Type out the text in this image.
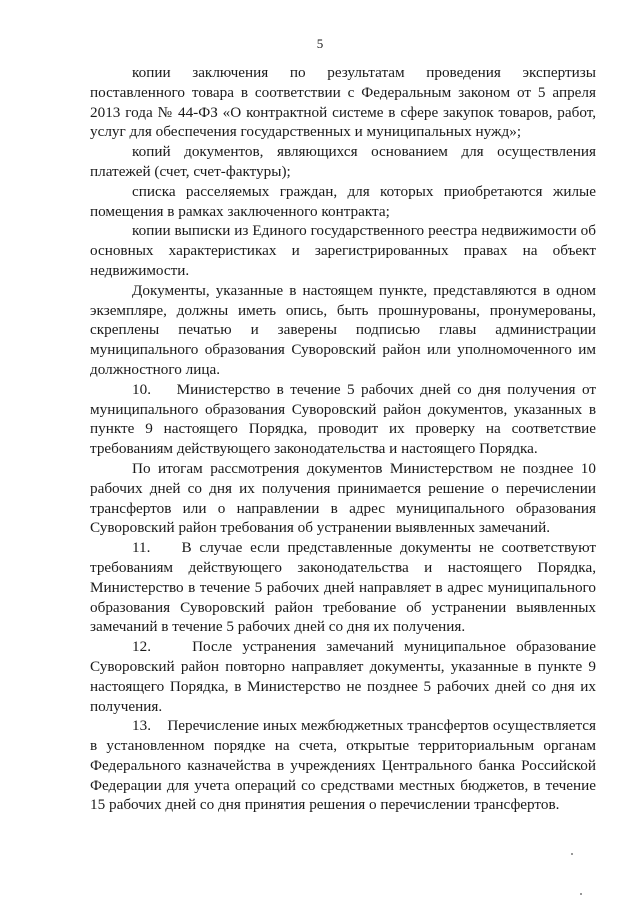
5

копии заключения по результатам проведения экспертизы поставленного товара в соответствии с Федеральным законом от 5 апреля 2013 года № 44-ФЗ «О контрактной системе в сфере закупок товаров, работ, услуг для обеспечения государственных и муниципальных нужд»;

копий документов, являющихся основанием для осуществления платежей (счет, счет-фактуры);

списка расселяемых граждан, для которых приобретаются жилые помещения в рамках заключенного контракта;

копии выписки из Единого государственного реестра недвижимости об основных характеристиках и зарегистрированных правах на объект недвижимости.

Документы, указанные в настоящем пункте, представляются в одном экземпляре, должны иметь опись, быть прошнурованы, пронумерованы, скреплены печатью и заверены подписью главы администрации муниципального образования Суворовский район или уполномоченного им должностного лица.

10.    Министерство в течение 5 рабочих дней со дня получения от муниципального образования Суворовский район документов, указанных в пункте 9 настоящего Порядка, проводит их проверку на соответствие требованиям действующего законодательства и настоящего Порядка.

По итогам рассмотрения документов Министерством не позднее 10 рабочих дней со дня их получения принимается решение о перечислении трансфертов или о направлении в адрес муниципального образования Суворовский район требования об устранении выявленных замечаний.

11.    В случае если представленные документы не соответствуют требованиям действующего законодательства и настоящего Порядка, Министерство в течение 5 рабочих дней направляет в адрес муниципального образования Суворовский район требование об устранении выявленных замечаний в течение 5 рабочих дней со дня их получения.

12.    После устранения замечаний муниципальное образование Суворовский район повторно направляет документы, указанные в пункте 9 настоящего Порядка, в Министерство не позднее 5 рабочих дней со дня их получения.

13.    Перечисление иных межбюджетных трансфертов осуществляется в установленном порядке на счета, открытые территориальным органам Федерального казначейства в учреждениях Центрального банка Российской Федерации для учета операций со средствами местных бюджетов, в течение 15 рабочих дней со дня принятия решения о перечислении трансфертов.
